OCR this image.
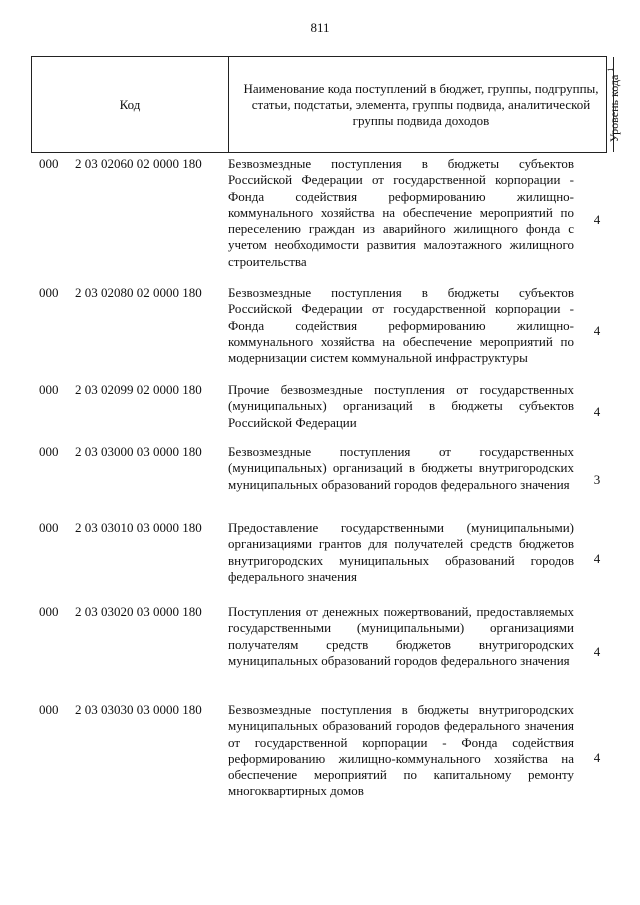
811
Код
Наименование кода поступлений в бюджет, группы, подгруппы, статьи, подстатьи, элемента, группы подвида, аналитической группы подвида доходов	Уровень кода $^1$
000 2 03 02060 02 0000 180 Безвозмездные поступления в бюджеты субъектов Российской Федерации от государственной корпорации - Фонда содействия реформированию жилищно-коммунального хозяйства на обеспечение мероприятий по переселению граждан из аварийного жилищного фонда с учетом необходимости развития малоэтажного жилищного строительства
4
000 2 03 02080 02 0000 180 Безвозмездные поступления в бюджеты субъектов Российской Федерации от государственной корпорации - Фонда содействия реформированию жилищно-коммунального хозяйства на обеспечение мероприятий по модернизации систем коммунальной инфраструктуры
4
000 2 03 02099 02 0000 180 Прочие безвозмездные поступления от государственных (муниципальных) организаций в бюджеты субъектов Российской Федерации
4
000 2 03 03000 03 0000 180 Безвозмездные поступления от государственных (муниципальных) организаций в бюджеты внутригородских муниципальных образований городов федерального значения	3
000 2 03 03010 03 0000 180 Предоставление государственными (муниципальными) организациями грантов для получателей средств бюджетов внутригородских муниципальных образований городов федерального значения
4
000 2 03 03020 03 0000 180 Поступления от денежных пожертвований, предоставляемых государственными (муниципальными) организациями получателям средств бюджетов внутригородских муниципальных образований городов федерального значения
4
000 2 03 03030 03 0000 180 Безвозмездные поступления в бюджеты внутригородских муниципальных образований городов федерального значения от государственной корпорации - Фонда содействия реформированию жилищно-коммунального хозяйства на обеспечение мероприятий по капитальному ремонту многоквартирных домов
4
